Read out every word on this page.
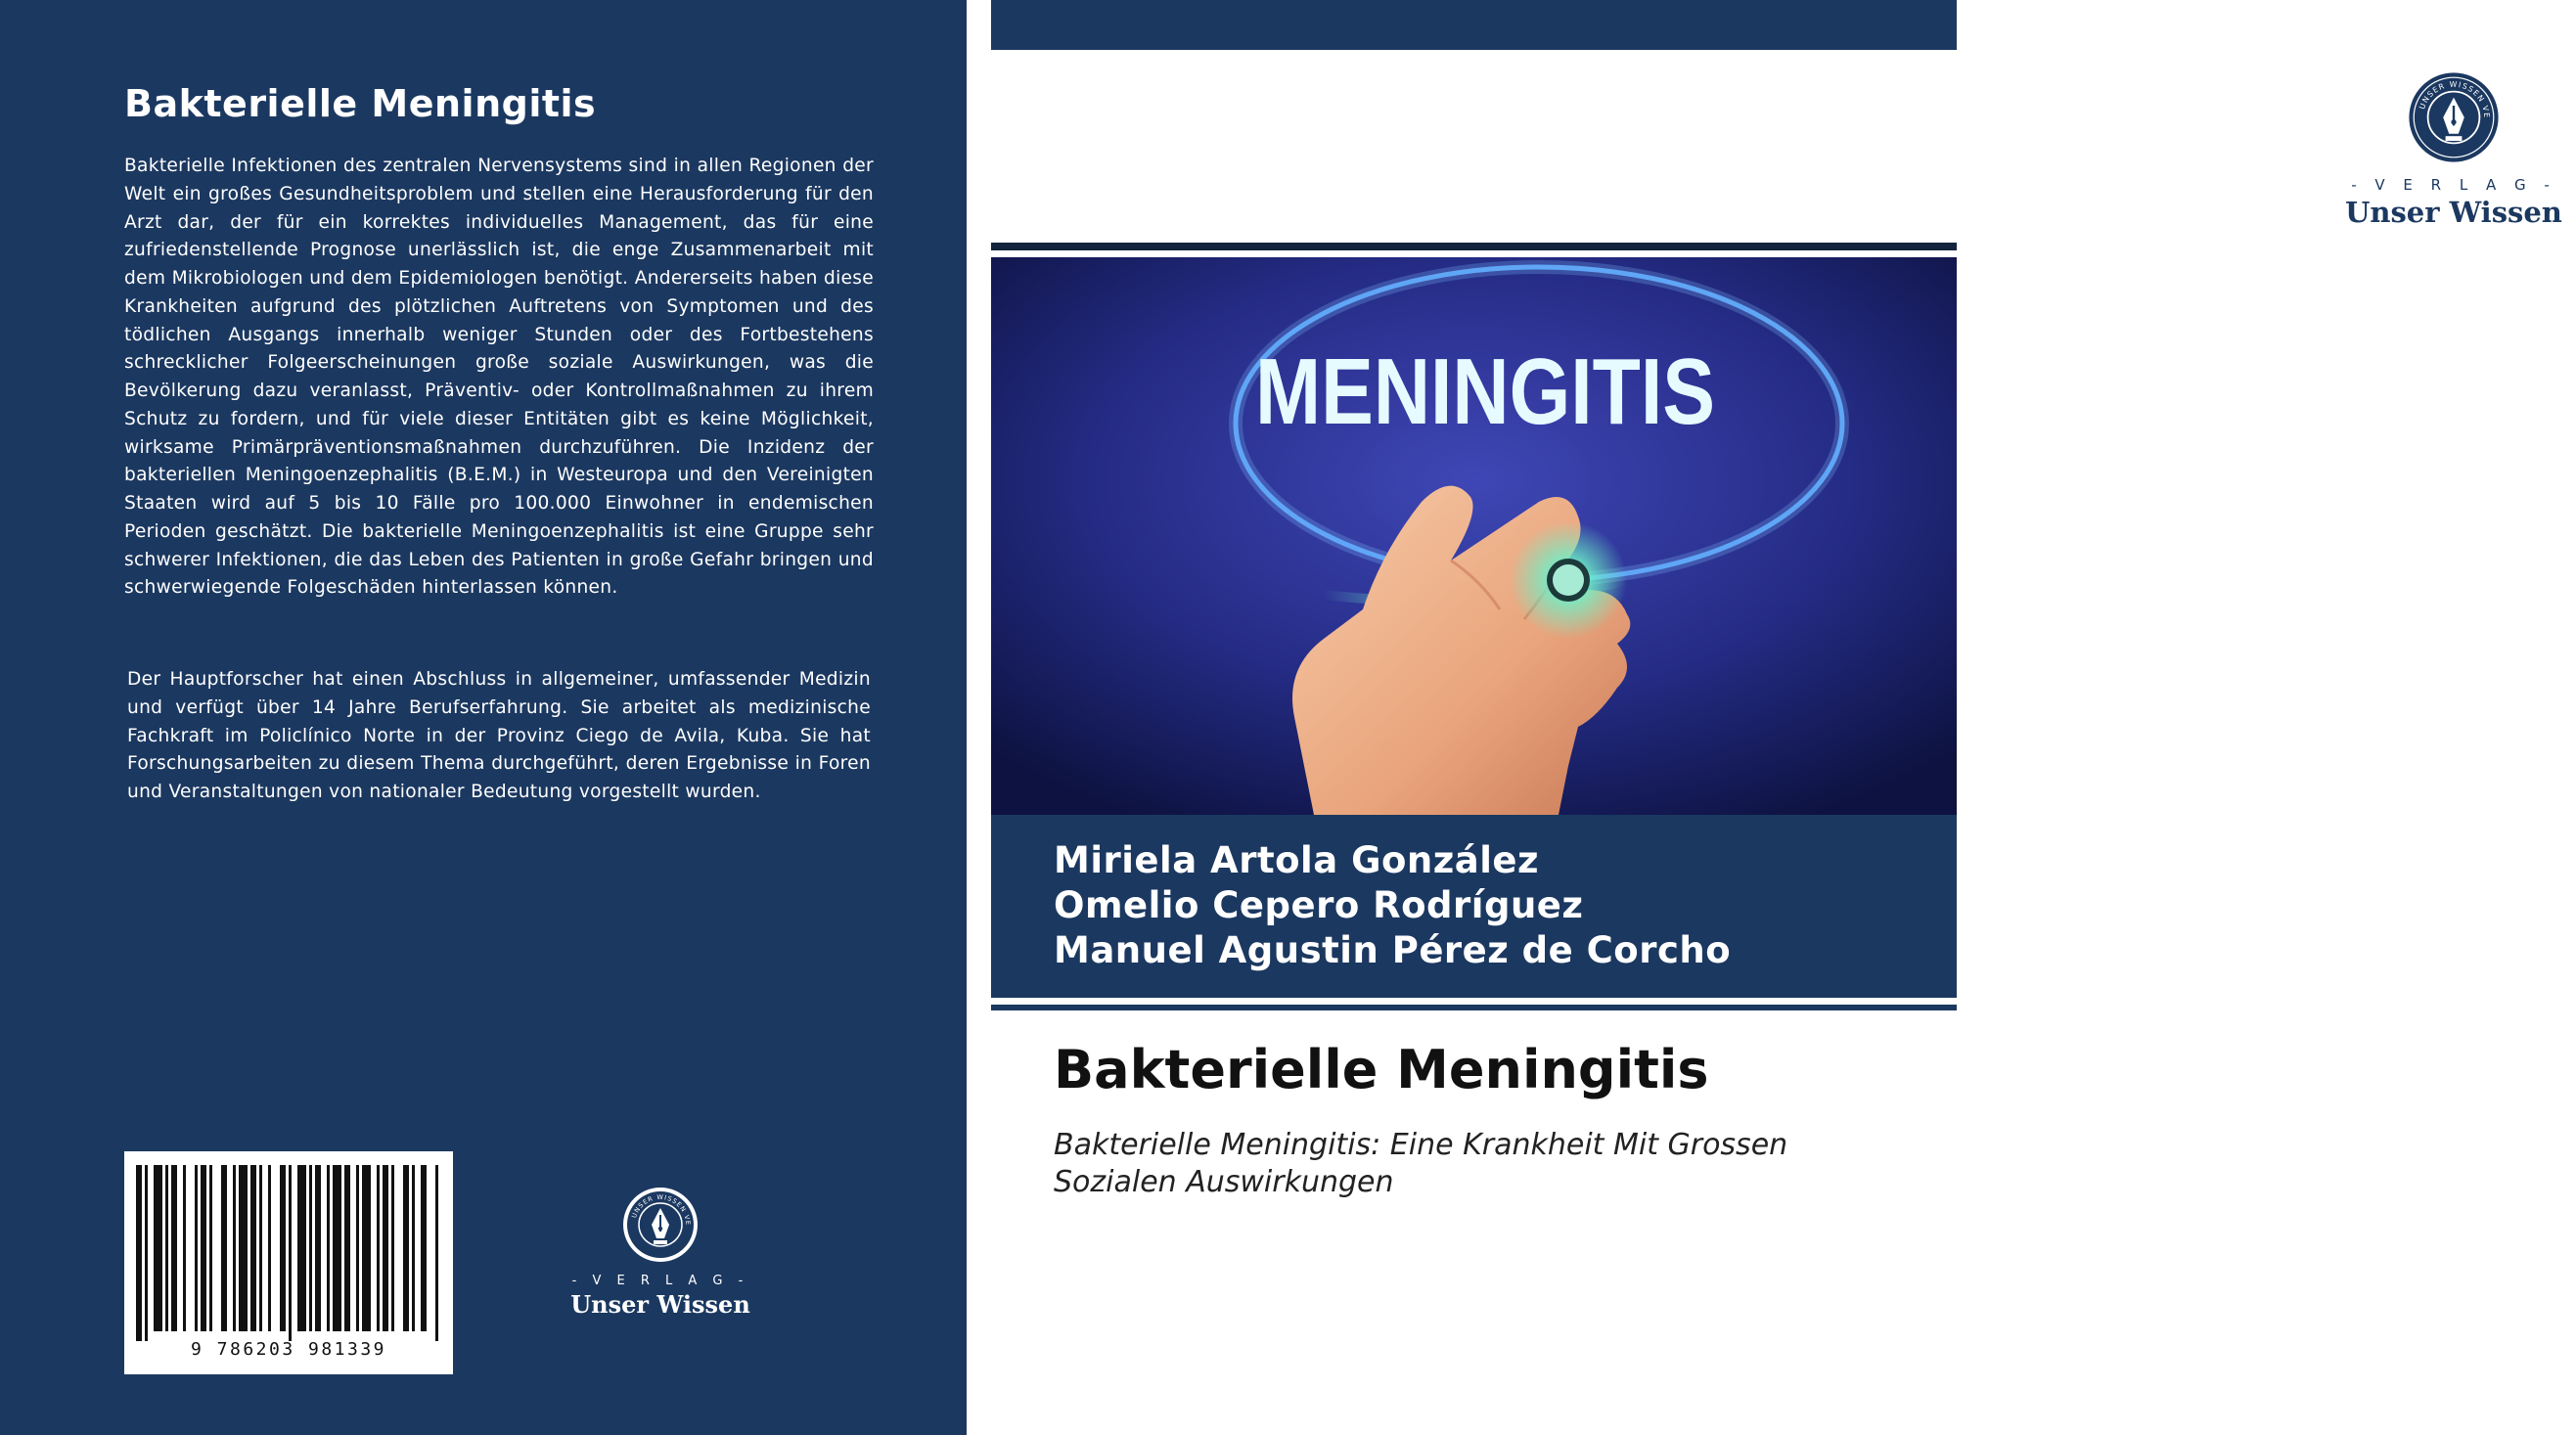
Bakterielle Meningitis

Bakterielle Infektionen des zentralen Nervensystems sind in allen Regionen der Welt ein großes Gesundheitsproblem und stellen eine Herausforderung für den Arzt dar, der für ein korrektes individuelles Management, das für eine zufriedenstellende Prognose unerlässlich ist, die enge Zusammenarbeit mit dem Mikrobiologen und dem Epidemiologen benötigt. Andererseits haben diese Krankheiten aufgrund des plötzlichen Auftretens von Symptomen und des tödlichen Ausgangs innerhalb weniger Stunden oder des Fortbestehens schrecklicher Folgeerscheinungen große soziale Auswirkungen, was die Bevölkerung dazu veranlasst, Präventiv- oder Kontrollmaßnahmen zu ihrem Schutz zu fordern, und für viele dieser Entitäten gibt es keine Möglichkeit, wirksame Primärpräventionsmaßnahmen durchzuführen. Die Inzidenz der bakteriellen Meningoenzephalitis (B.E.M.) in Westeuropa und den Vereinigten Staaten wird auf 5 bis 10 Fälle pro 100.000 Einwohner in endemischen Perioden geschätzt. Die bakterielle Meningoenzephalitis ist eine Gruppe sehr schwerer Infektionen, die das Leben des Patienten in große Gefahr bringen und schwerwiegende Folgeschäden hinterlassen können.

Der Hauptforscher hat einen Abschluss in allgemeiner, umfassender Medizin und verfügt über 14 Jahre Berufserfahrung. Sie arbeitet als medizinische Fachkraft im Policlínico Norte in der Provinz Ciego de Avila, Kuba. Sie hat Forschungsarbeiten zu diesem Thema durchgeführt, deren Ergebnisse in Foren und Veranstaltungen von nationaler Bedeutung vorgestellt wurden.

9 786203 981339
UNSER WISSEN VE
- V E R L A G -
Unser Wissen
UNSER WISSEN VE
- V E R L A G -
Unser Wissen
MENINGITIS

Miriela Artola González

Omelio Cepero Rodríguez

Manuel Agustin Pérez de Corcho

Bakterielle Meningitis

Bakterielle Meningitis: Eine Krankheit Mit Grossen Sozialen Auswirkungen
